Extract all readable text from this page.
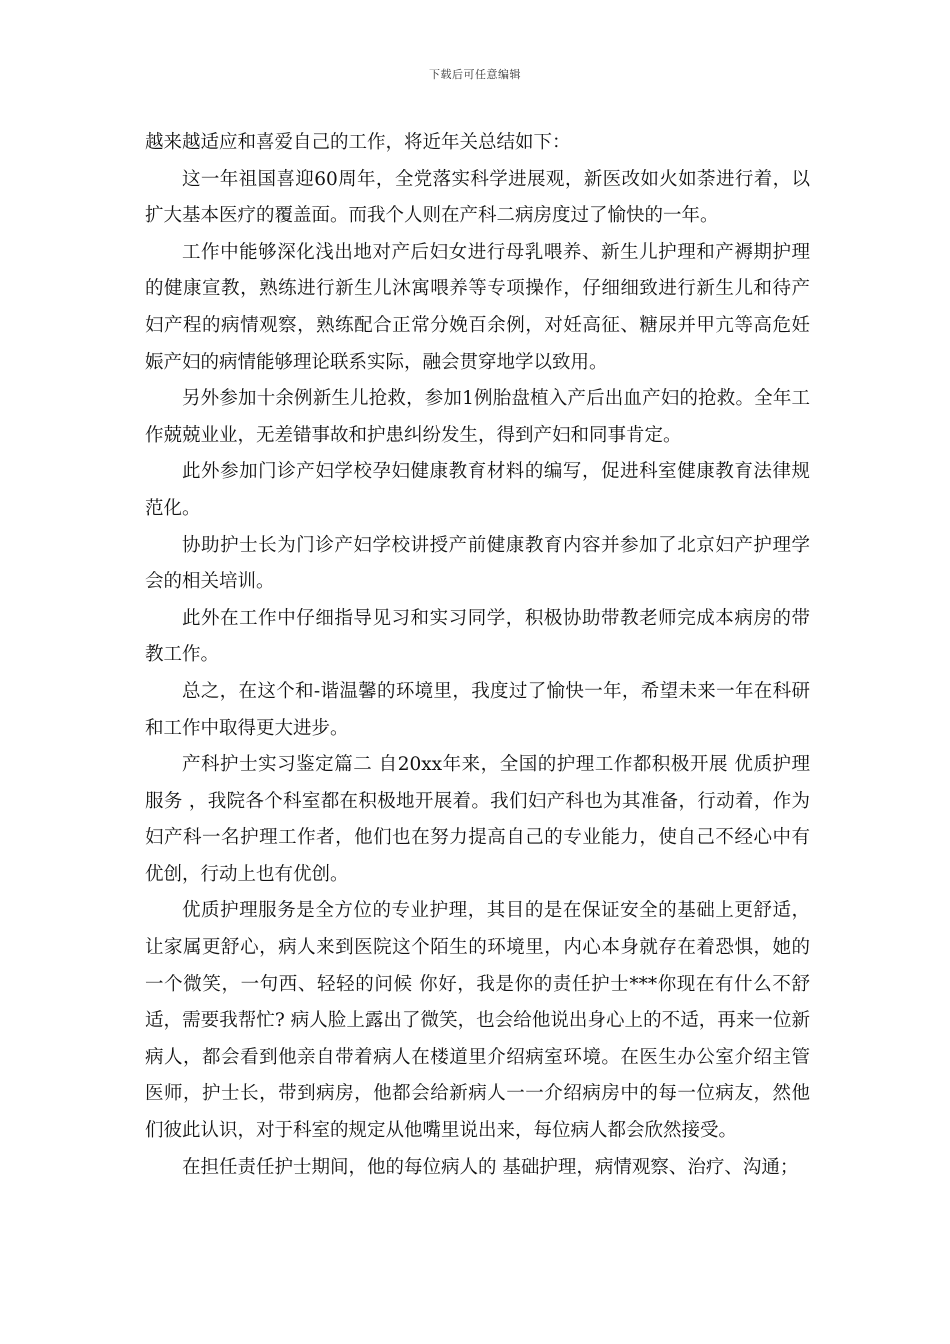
下载后可任意编辑

越来越适应和喜爱自己的工作，将近年关总结如下：

这一年祖国喜迎60周年，全党落实科学进展观，新医改如火如荼进行着，以扩大基本医疗的覆盖面。而我个人则在产科二病房度过了愉快的一年。

工作中能够深化浅出地对产后妇女进行母乳喂养、新生儿护理和产褥期护理的健康宣教，熟练进行新生儿沐寓喂养等专项操作，仔细细致进行新生儿和待产妇产程的病情观察，熟练配合正常分娩百余例，对妊高征、糖尿并甲亢等高危妊娠产妇的病情能够理论联系实际，融会贯穿地学以致用。

另外参加十余例新生儿抢救，参加1例胎盘植入产后出血产妇的抢救。全年工作兢兢业业，无差错事故和护患纠纷发生，得到产妇和同事肯定。

此外参加门诊产妇学校孕妇健康教育材料的编写，促进科室健康教育法律规范化。

协助护士长为门诊产妇学校讲授产前健康教育内容并参加了北京妇产护理学会的相关培训。

此外在工作中仔细指导见习和实习同学，积极协助带教老师完成本病房的带教工作。

总之，在这个和-谐温馨的环境里，我度过了愉快一年，希望未来一年在科研和工作中取得更大进步。

产科护士实习鉴定篇二 自20xx年来，全国的护理工作都积极开展 优质护理服务 ，我院各个科室都在积极地开展着。我们妇产科也为其准备，行动着，作为妇产科一名护理工作者，他们也在努力提高自己的专业能力，使自己不经心中有优创，行动上也有优创。

优质护理服务是全方位的专业护理，其目的是在保证安全的基础上更舒适，让家属更舒心，病人来到医院这个陌生的环境里，内心本身就存在着恐惧，她的一个微笑，一句西、轻轻的问候 你好，我是你的责任护士***你现在有什么不舒适，需要我帮忙? 病人脸上露出了微笑，也会给他说出身心上的不适，再来一位新病人，都会看到他亲自带着病人在楼道里介绍病室环境。在医生办公室介绍主管医师，护士长，带到病房，他都会给新病人一一介绍病房中的每一位病友，然他们彼此认识，对于科室的规定从他嘴里说出来，每位病人都会欣然接受。

在担任责任护士期间，他的每位病人的 基础护理，病情观察、治疗、沟通；
